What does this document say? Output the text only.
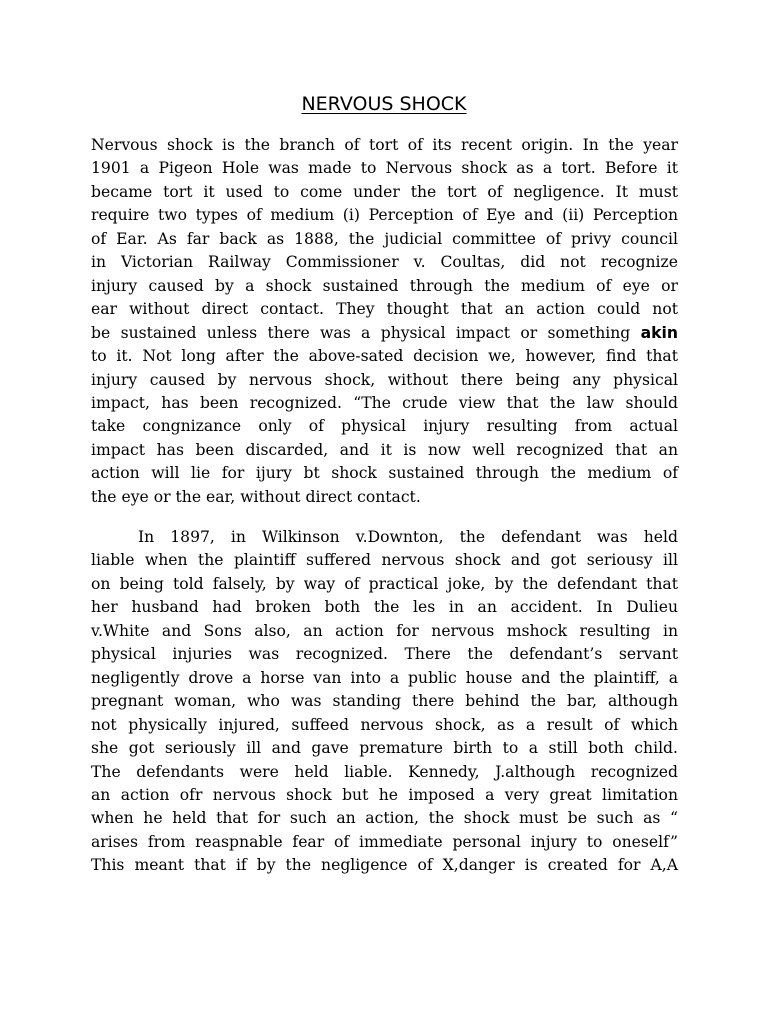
NERVOUS SHOCK
Nervous shock is the branch of tort of its recent origin. In the year
1901 a Pigeon Hole was made to Nervous shock as a tort. Before it
became tort it used to come under the tort of negligence. It must
require two types of medium (i) Perception of Eye and (ii) Perception
of Ear. As far back as 1888, the judicial committee of privy council
in Victorian Railway Commissioner v. Coultas, did not recognize
injury caused by a shock sustained through the medium of eye or
ear without direct contact. They thought that an action could not
be sustained unless there was a physical impact or something akin
to it. Not long after the above-sated decision we, however, find that
injury caused by nervous shock, without there being any physical
impact, has been recognized. “The crude view that the law should
take congnizance only of physical injury resulting from actual
impact has been discarded, and it is now well recognized that an
action will lie for ijury bt shock sustained through the medium of
the eye or the ear, without direct contact.
In 1897, in Wilkinson v.Downton, the defendant was held
liable when the plaintiff suffered nervous shock and got seriousy ill
on being told falsely, by way of practical joke, by the defendant that
her husband had broken both the les in an accident. In Dulieu
v.White and Sons also, an action for nervous mshock resulting in
physical injuries was recognized. There the defendant’s servant
negligently drove a horse van into a public house and the plaintiff, a
pregnant woman, who was standing there behind the bar, although
not physically injured, suffeed nervous shock, as a result of which
she got seriously ill and gave premature birth to a still both child.
The defendants were held liable. Kennedy, J.although recognized
an action ofr nervous shock but he imposed a very great limitation
when he held that for such an action, the shock must be such as “
arises from reaspnable fear of immediate personal injury to oneself”
This meant that if by the negligence of X,danger is created for A,A
